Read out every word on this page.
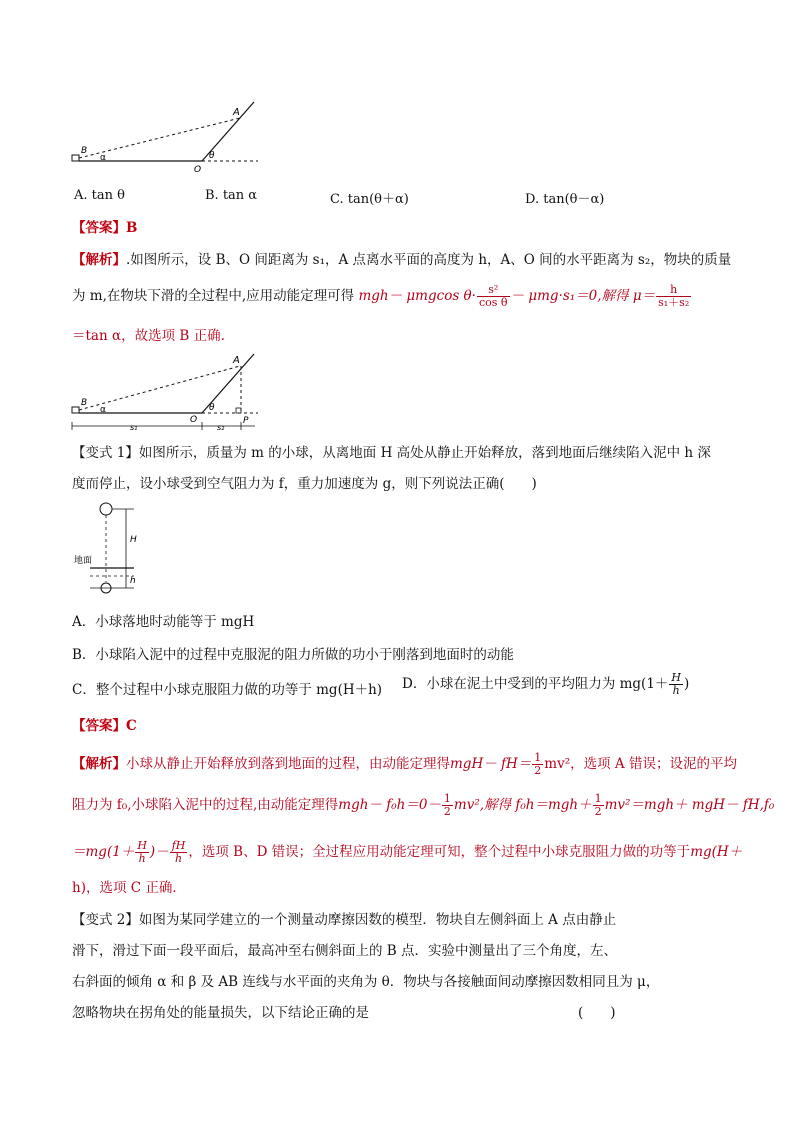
A
B
α
O
θ
A. tan θ	B. tan α	C. tan(θ＋α)	D. tan(θ－α)
【答案】B
【解析】.如图所示，设 B、O 间距离为 s₁，A 点离水平面的高度为 h，A、O 间的水平距离为 s₂，物块的质量
为 m,在物块下滑的全过程中,应用动能定理可得 mgh－ μmgcos $\theta\cdot \frac{\text{s²}}{\text{cos θ}} - \mu mg\cdot s_1=0$,解得 $\mu= \frac{h}{\text{s₁＋s₂}}$
＝tan α，故选项 B 正确.
A
B
α
O
θ
P
s₁	s₂
【变式 1】如图所示，质量为 m 的小球，从离地面 H 高处从静止开始释放，落到地面后继续陷入泥中 h 深
度而停止，设小球受到空气阻力为 f，重力加速度为 g，则下列说法正确(　　)
地面
H
h
A．小球落地时动能等于 mgH
B．小球陷入泥中的过程中克服泥的阻力所做的功小于刚落到地面时的动能
C．整个过程中小球克服阻力做的功等于 mg(H＋h)	D．小球在泥土中受到的平均阻力为 $mg(1+ \frac{H}{h}$ )
【答案】C
【解析】小球从静止开始释放到落到地面的过程，由动能定理得$mgH- fH= \frac{1}{2} mv^2$，选项 A 错误；设泥的平均
阻力为 f₀,小球陷入泥中的过程,由动能定理得$mgh- f_0h=0- \frac{1}{2} mv^2$,解得 $f_0h=mgh+ \frac{1}{2} mv^2=mgh+ mgH- fH,f_0$
$=mg(1+ \frac{H}{h}$ )－ $\frac{fH}{h}$ ，选项 B、D 错误；全过程应用动能定理可知，整个过程中小球克服阻力做的功等于mg(H＋
h)，选项 C 正确．
【变式 2】如图为某同学建立的一个测量动摩擦因数的模型．物块自左侧斜面上 A 点由静止
滑下，滑过下面一段平面后，最高冲至右侧斜面上的 B 点．实验中测量出了三个角度，左、
右斜面的倾角 α 和 β 及 AB 连线与水平面的夹角为 θ．物块与各接触面间动摩擦因数相同且为 μ，
忽略物块在拐角处的能量损失，以下结论正确的是	(　　)
